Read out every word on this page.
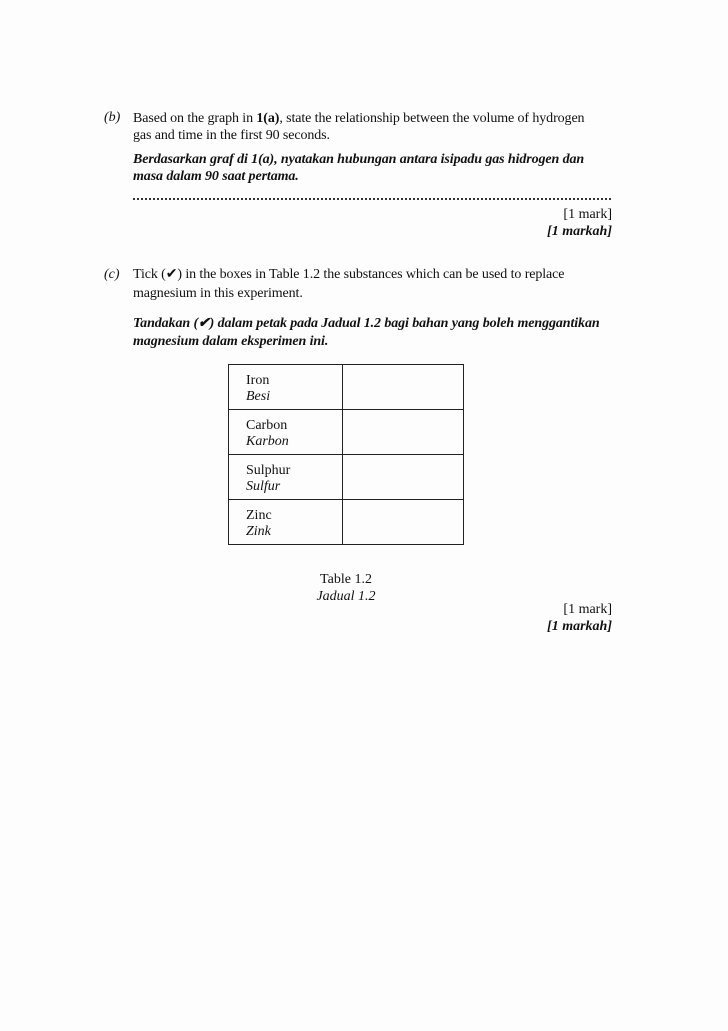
(b) Based on the graph in 1(a), state the relationship between the volume of hydrogen
gas and time in the first 90 seconds.
Berdasarkan graf di 1(a), nyatakan hubungan antara isipadu gas hidrogen dan
masa dalam 90 saat pertama.
[1 mark]
[1 markah]
(c) Tick (✔) in the boxes in Table 1.2 the substances which can be used to replace
magnesium in this experiment.
Tandakan (✔) dalam petak pada Jadual 1.2 bagi bahan yang boleh menggantikan
magnesium dalam eksperimen ini.
Iron
Besi	

Carbon
Karbon	

Sulphur
Sulfur	

Zinc
Zink	

Table 1.2
Jadual 1.2
[1 mark]
[1 markah]
